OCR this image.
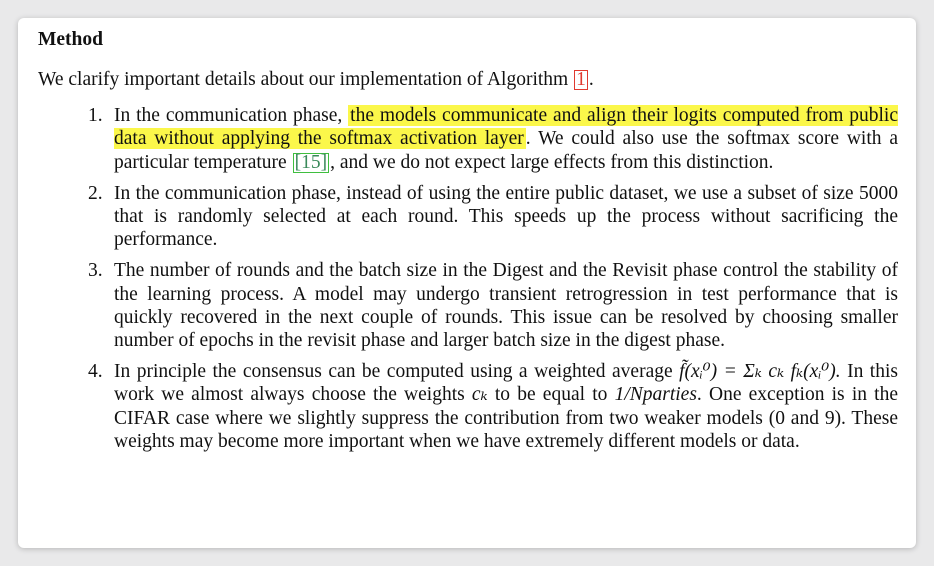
Method

We clarify important details about our implementation of Algorithm 1 .

1. In the communication phase, the models communicate and align their logits computed from public data without applying the softmax activation layer . We could also use the softmax score with a particular temperature [15] , and we do not expect large effects from this distinction.
2. In the communication phase, instead of using the entire public dataset, we use a subset of size 5000 that is randomly selected at each round. This speeds up the process without sacrificing the performance.
3. The number of rounds and the batch size in the Digest and the Revisit phase control the stability of the learning process. A model may undergo transient retrogression in test performance that is quickly recovered in the next couple of rounds. This issue can be resolved by choosing smaller number of epochs in the revisit phase and larger batch size in the digest phase.
4. In principle the consensus can be computed using a weighted average f̃(xᵢ⁰) = Σₖ cₖ fₖ(xᵢ⁰). In this work we almost always choose the weights cₖ to be equal to 1/Nparties. One exception is in the CIFAR case where we slightly suppress the contribution from two weaker models (0 and 9). These weights may become more important when we have extremely different models or data.
